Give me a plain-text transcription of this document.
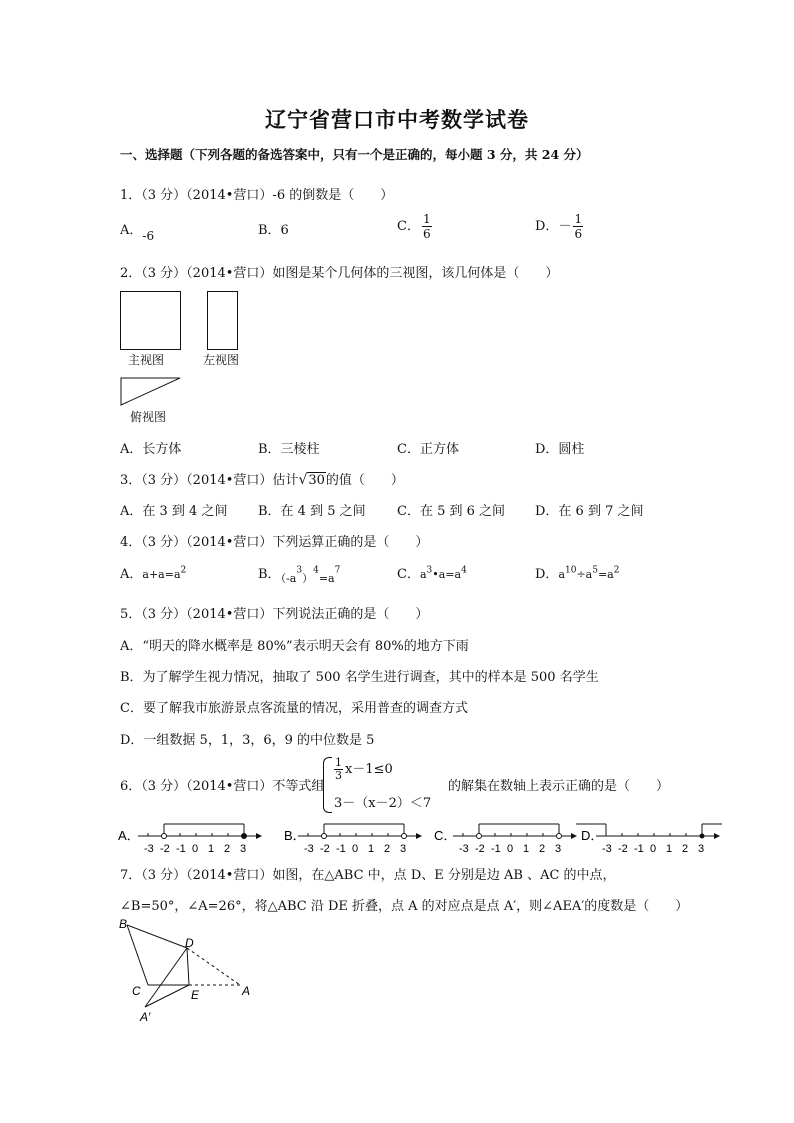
辽宁省营口市中考数学试卷
一、选择题（下列各题的备选答案中，只有一个是正确的，每小题 3 分，共 24 分）
1．（3 分）（2014•营口）-6 的倒数是（　　）
A．-6	B．6	C． $\frac{1}{6}$	D．－ $\frac{1}{6}$
2．（3 分）（2014•营口）如图是某个几何体的三视图，该几何体是（　　）
主视图	左视图
俯视图
A．长方体	B．三棱柱	C．正方体	D．圆柱
3．（3 分）（2014•营口）估计√30的值（　　）
A．在 3 到 4 之间 B．在 4 到 5 之间 C．在 5 到 6 之间 D．在 6 到 7 之间
4．（3 分）（2014•营口）下列运算正确的是（　　）
A．$a+a=a^2$	B．$_{(-a}^3_)^4_{=a}^7$	C．$a^3•a=a^4$	D．$a^{10}\div a^5=a^2$
5．（3 分）（2014•营口）下列说法正确的是（　　）
A．“明天的降水概率是 80%”表示明天会有 80%的地方下雨
B．为了解学生视力情况，抽取了 500 名学生进行调查，其中的样本是 500 名学生
C．要了解我市旅游景点客流量的情况，采用普查的调查方式
D．一组数据 5，1，3，6，9 的中位数是 5
6．（3 分）（2014•营口）不等式组
$\frac{1}{3} x-1\le 0$
3－（x－2）＜7
的解集在数轴上表示正确的是（　　）
A．
-3 -2 -1 0 1 2 3
B．
-3 -2 -1 0 1 2 3
C．
-3 -2 -1 0 1 2 3
D．
-3 -2 -1 0 1 2 3
7．（3 分）（2014•营口）如图，在△ABC 中，点 D、E 分别是边 AB 、AC 的中点，
∠B=50°，∠A=26°，将△ABC 沿 DE 折叠，点 A 的对应点是点 A′，则∠AEA′的度数是（　　）
B
D
C	E	A
A′
